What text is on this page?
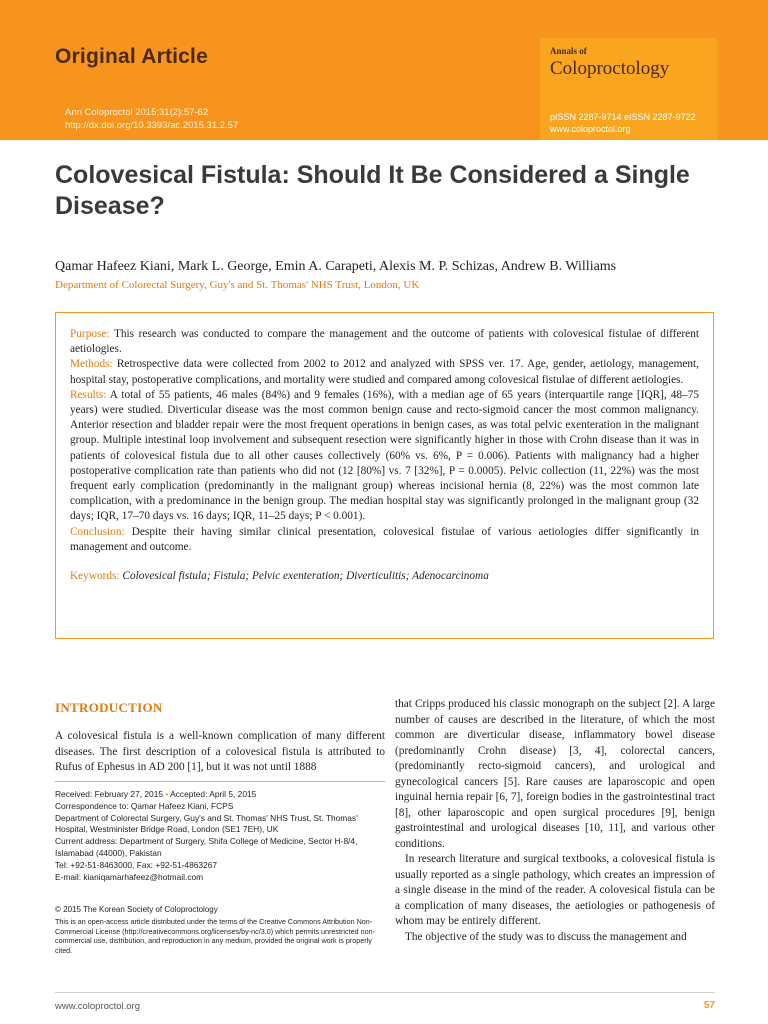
Original Article
Ann Coloproctol 2015;31(2):57-62
http://dx.doi.org/10.3393/ac.2015.31.2.57
Annals of
Coloproctology
pISSN 2287-9714 eISSN 2287-9722
www.coloproctol.org
Colovesical Fistula: Should It Be Considered a Single Disease?
Qamar Hafeez Kiani, Mark L. George, Emin A. Carapeti, Alexis M. P. Schizas, Andrew B. Williams
Department of Colorectal Surgery, Guy's and St. Thomas' NHS Trust, London, UK
Purpose: This research was conducted to compare the management and the outcome of patients with colovesical fistulae of different aetiologies.
Methods: Retrospective data were collected from 2002 to 2012 and analyzed with SPSS ver. 17. Age, gender, aetiology, management, hospital stay, postoperative complications, and mortality were studied and compared among colovesical fistulae of different aetiologies.
Results: A total of 55 patients, 46 males (84%) and 9 females (16%), with a median age of 65 years (interquartile range [IQR], 48–75 years) were studied. Diverticular disease was the most common benign cause and recto-sigmoid cancer the most common malignancy. Anterior resection and bladder repair were the most frequent operations in benign cases, as was total pelvic exenteration in the malignant group. Multiple intestinal loop involvement and subsequent resection were significantly higher in those with Crohn disease than it was in patients of colovesical fistula due to all other causes collectively (60% vs. 6%, P = 0.006). Patients with malignancy had a higher postoperative complication rate than patients who did not (12 [80%] vs. 7 [32%], P = 0.0005). Pelvic collection (11, 22%) was the most frequent early complication (predominantly in the malignant group) whereas incisional hernia (8, 22%) was the most common late complication, with a predominance in the benign group. The median hospital stay was significantly prolonged in the malignant group (32 days; IQR, 17–70 days vs. 16 days; IQR, 11–25 days; P < 0.001).
Conclusion: Despite their having similar clinical presentation, colovesical fistulae of various aetiologies differ significantly in management and outcome.
Keywords: Colovesical fistula; Fistula; Pelvic exenteration; Diverticulitis; Adenocarcinoma
INTRODUCTION

A colovesical fistula is a well-known complication of many different diseases. The first description of a colovesical fistula is attributed to Rufus of Ephesus in AD 200 [1], but it was not until 1888

Received: February 27, 2015 • Accepted: April 5, 2015
Correspondence to: Qamar Hafeez Kiani, FCPS
Department of Colorectal Surgery, Guy's and St. Thomas' NHS Trust, St. Thomas' Hospital, Westminister Bridge Road, London (SE1 7EH), UK
Current address: Department of Surgery, Shifa College of Medicine, Sector H-8/4, Islamabad (44000), Pakistan
Tel: +92-51-8463000, Fax: +92-51-4863267
E-mail: kianiqamarhafeez@hotmail.com
© 2015 The Korean Society of Coloproctology
This is an open-access article distributed under the terms of the Creative Commons Attribution Non-Commercial License (http://creativecommons.org/licenses/by-nc/3.0) which permits unrestricted non-commercial use, distribution, and reproduction in any medium, provided the original work is properly cited.

that Cripps produced his classic monograph on the subject [2]. A large number of causes are described in the literature, of which the most common are diverticular disease, inflammatory bowel disease (predominantly Crohn disease) [3, 4], colorectal cancers, (predominantly recto-sigmoid cancers), and urological and gynecological cancers [5]. Rare causes are laparoscopic and open inguinal hernia repair [6, 7], foreign bodies in the gastrointestinal tract [8], other laparoscopic and open surgical procedures [9], benign gastrointestinal and urological diseases [10, 11], and various other conditions.

In research literature and surgical textbooks, a colovesical fistula is usually reported as a single pathology, which creates an impression of a single disease in the mind of the reader. A colovesical fistula can be a complication of many diseases, the aetiologies or pathogenesis of whom may be entirely different.

The objective of the study was to discuss the management and

www.coloproctol.org	57
